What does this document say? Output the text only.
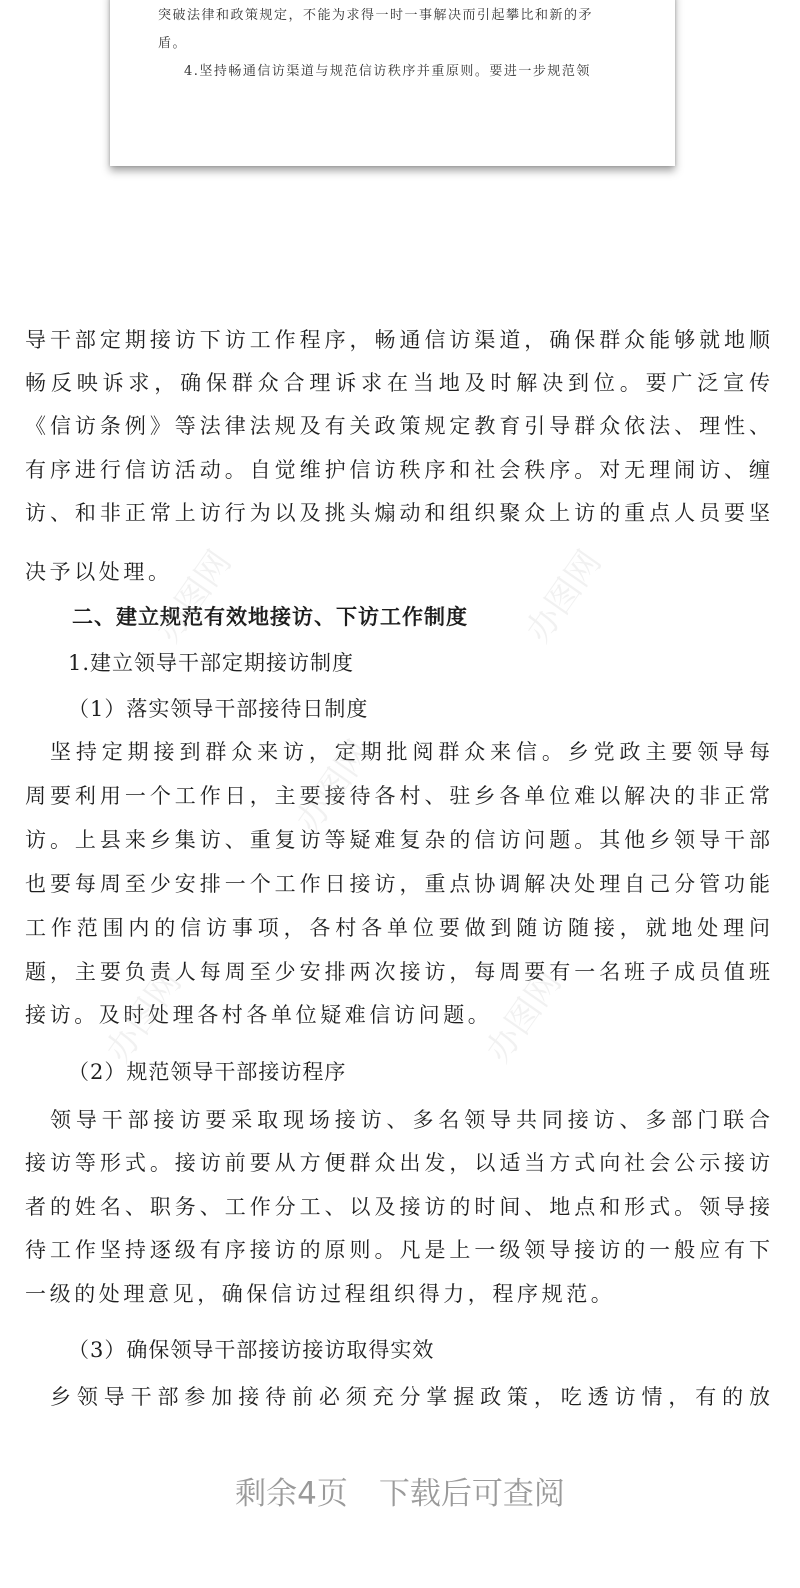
突破法律和政策规定，不能为求得一时一事解决而引起攀比和新的矛
盾。
4.坚持畅通信访渠道与规范信访秩序并重原则。要进一步规范领
导干部定期接访下访工作程序，畅通信访渠道，确保群众能够就地顺
畅反映诉求，确保群众合理诉求在当地及时解决到位。要广泛宣传
《信访条例》等法律法规及有关政策规定教育引导群众依法、理性、
有序进行信访活动。自觉维护信访秩序和社会秩序。对无理闹访、缠
访、和非正常上访行为以及挑头煽动和组织聚众上访的重点人员要坚
决予以处理。
二、建立规范有效地接访、下访工作制度
1.建立领导干部定期接访制度
（1）落实领导干部接待日制度
坚持定期接到群众来访，定期批阅群众来信。乡党政主要领导每
周要利用一个工作日，主要接待各村、驻乡各单位难以解决的非正常
访。上县来乡集访、重复访等疑难复杂的信访问题。其他乡领导干部
也要每周至少安排一个工作日接访，重点协调解决处理自己分管功能
工作范围内的信访事项，各村各单位要做到随访随接，就地处理问
题，主要负责人每周至少安排两次接访，每周要有一名班子成员值班
接访。及时处理各村各单位疑难信访问题。
（2）规范领导干部接访程序
领导干部接访要采取现场接访、多名领导共同接访、多部门联合
接访等形式。接访前要从方便群众出发，以适当方式向社会公示接访
者的姓名、职务、工作分工、以及接访的时间、地点和形式。领导接
待工作坚持逐级有序接访的原则。凡是上一级领导接访的一般应有下
一级的处理意见，确保信访过程组织得力，程序规范。
（3）确保领导干部接访接访取得实效
乡领导干部参加接待前必须充分掌握政策，吃透访情，有的放
办图网	办图网
办图网
办图网	办图网
剩余4页　下载后可查阅
